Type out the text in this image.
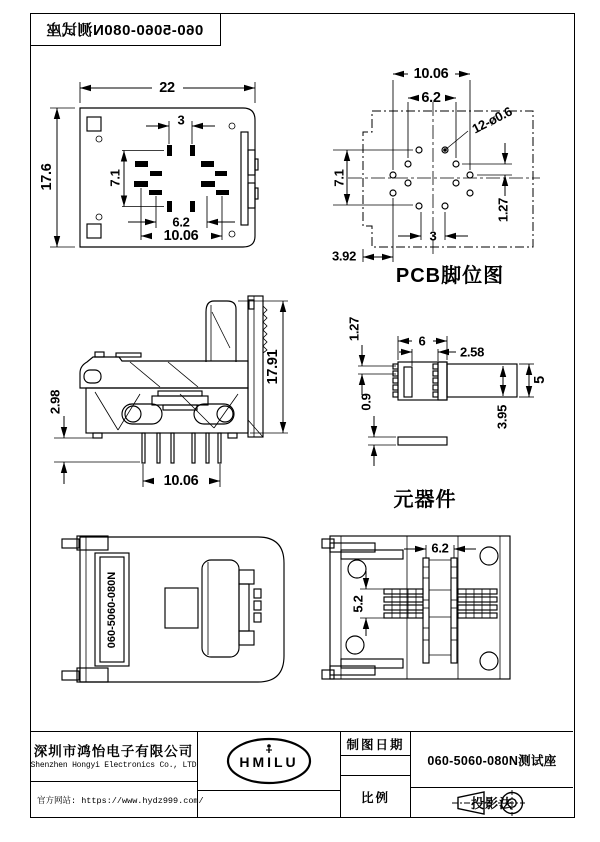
060-5060-080N测试座
22
17.6
3
7.1
6.2
10.06
10.06
6.2
12-ø0.6
7.1
1.27
3
3.92
PCB脚位图
17.91
2.98
10.06
6
2.58
1.27
0.9
5
3.95
元器件
060-5060-080N
6.2
5.2
深圳市鸿怡电子有限公司
Shenzhen Hongyi Electronics Co., LTD
官方网站: https://www.hydz999.com/
HMILU
制图日期
比例
060-5060-080N测试座
投影法
